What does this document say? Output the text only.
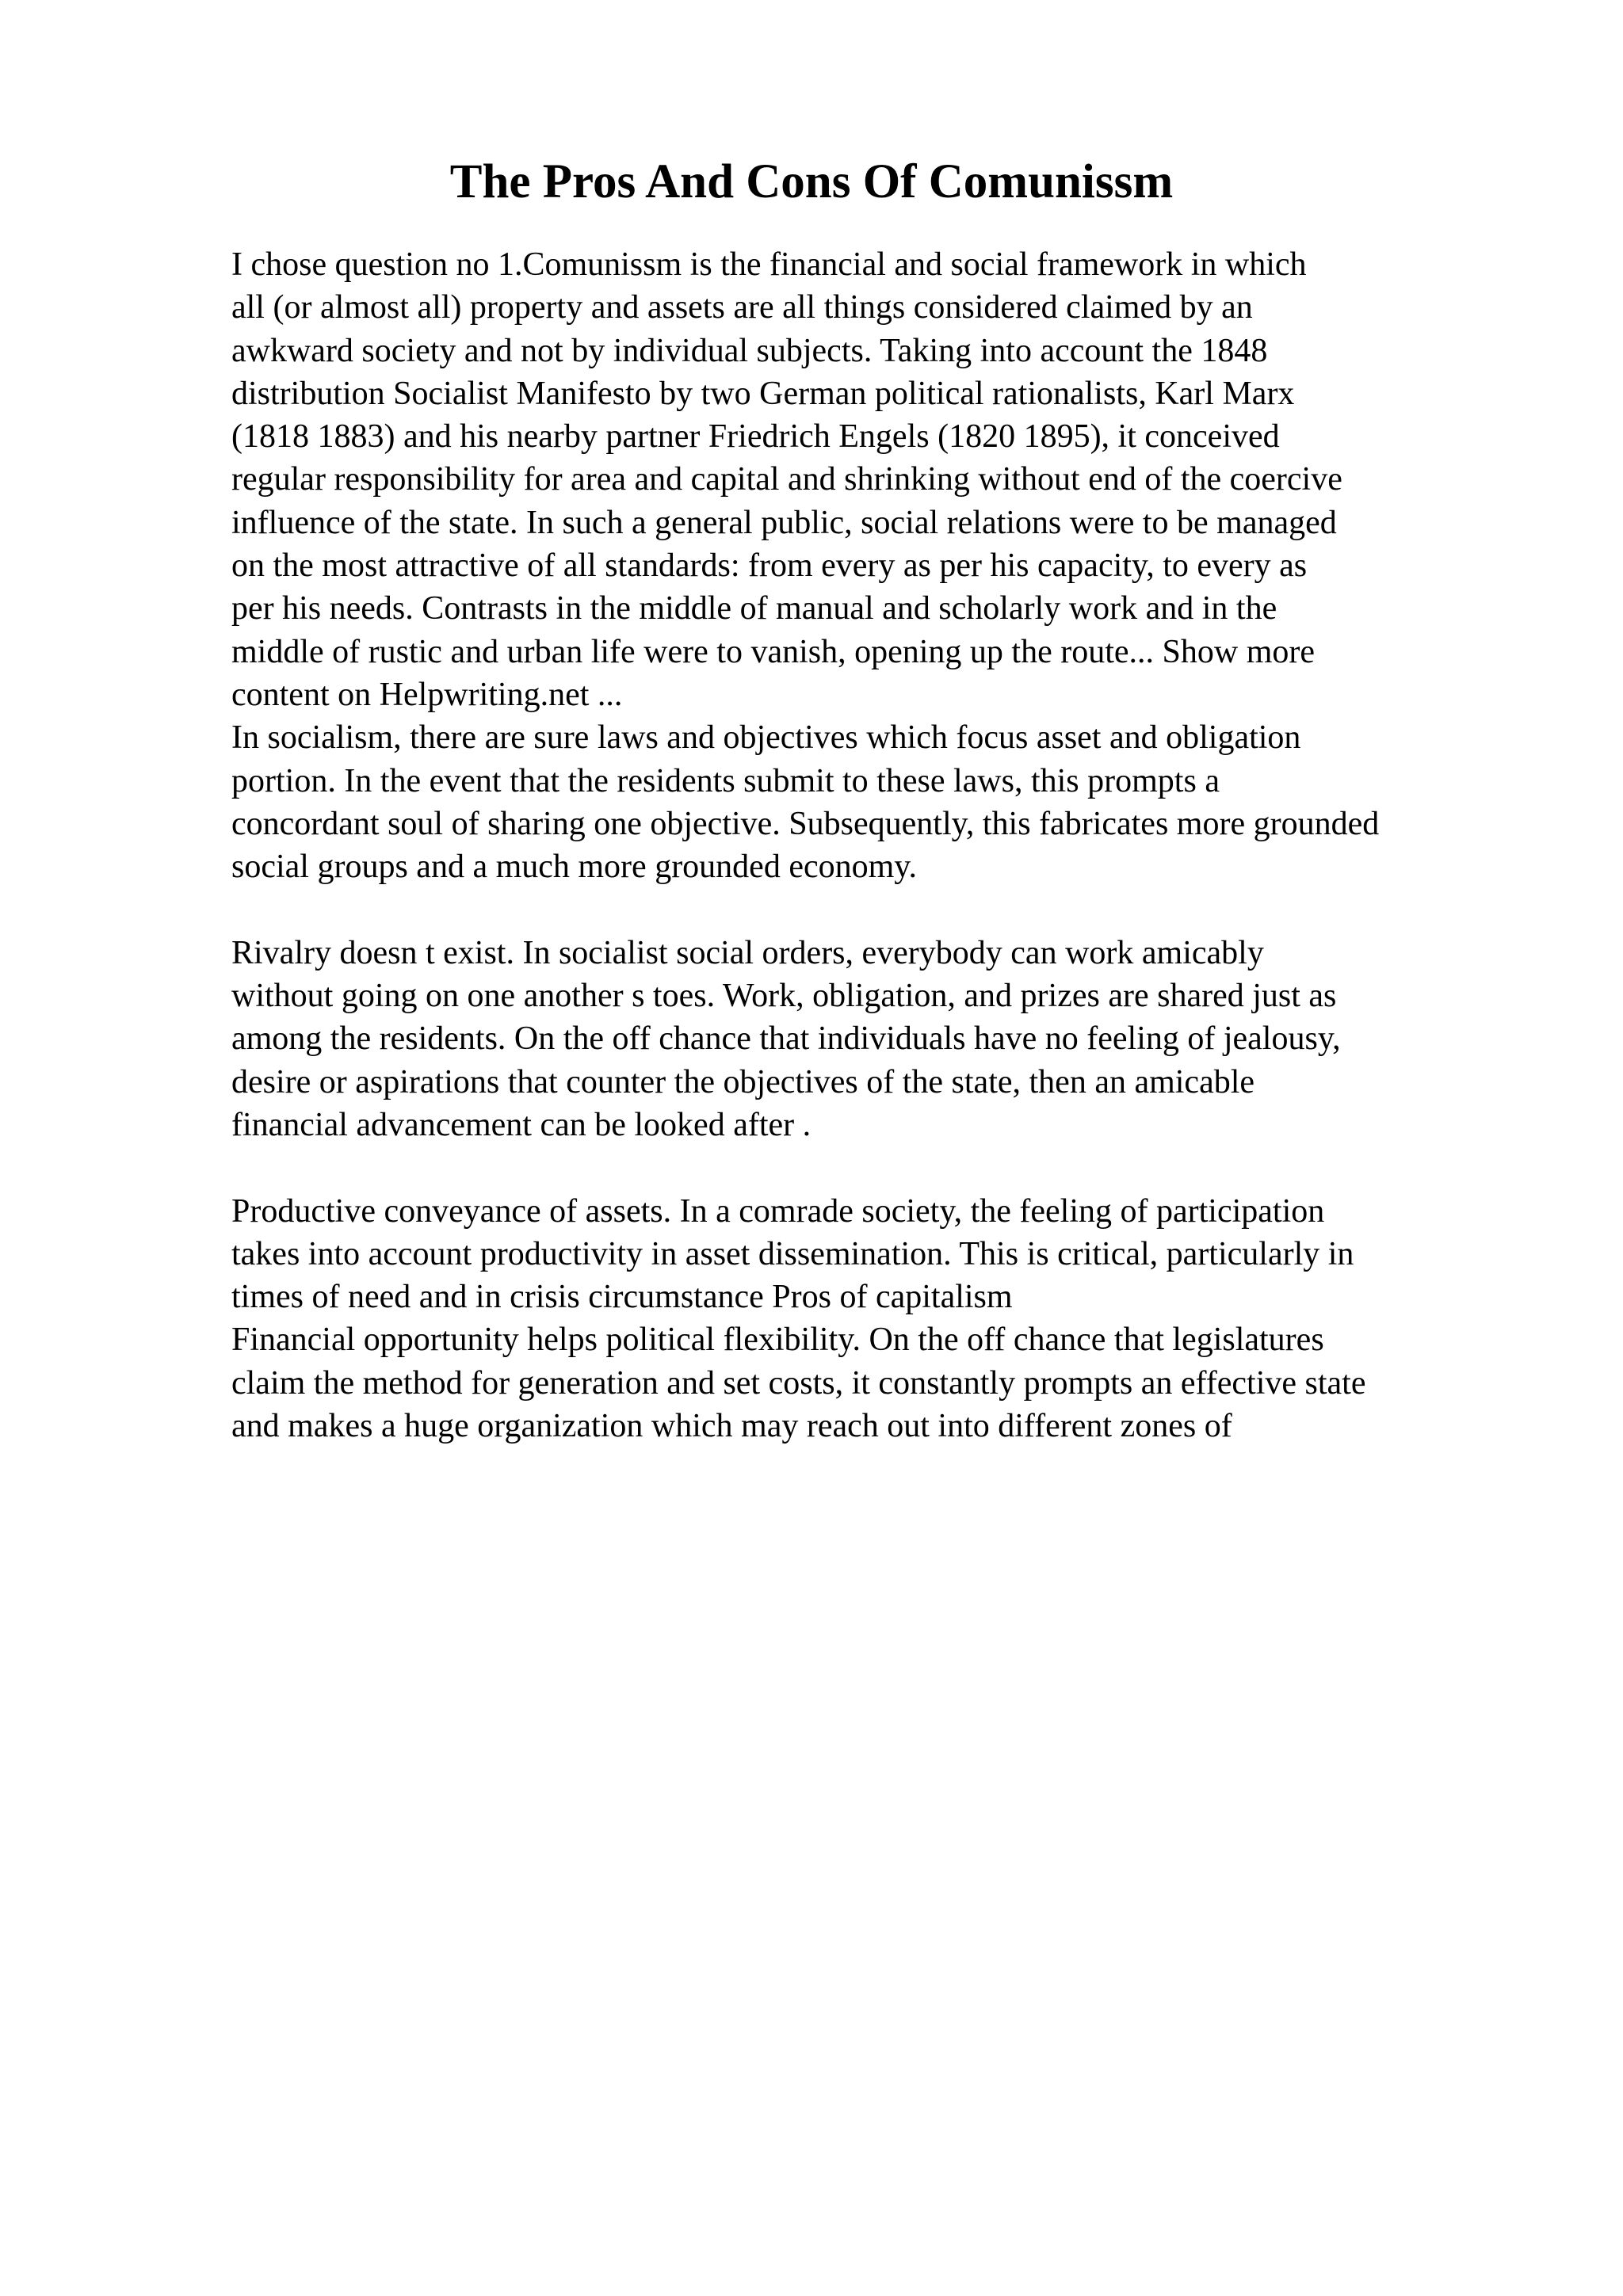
The Pros And Cons Of Comunissm
I chose question no 1.Comunissm is the financial and social framework in which
all (or almost all) property and assets are all things considered claimed by an
awkward society and not by individual subjects. Taking into account the 1848
distribution Socialist Manifesto by two German political rationalists, Karl Marx
(1818 1883) and his nearby partner Friedrich Engels (1820 1895), it conceived
regular responsibility for area and capital and shrinking without end of the coercive
influence of the state. In such a general public, social relations were to be managed
on the most attractive of all standards: from every as per his capacity, to every as
per his needs. Contrasts in the middle of manual and scholarly work and in the
middle of rustic and urban life were to vanish, opening up the route... Show more
content on Helpwriting.net ...
In socialism, there are sure laws and objectives which focus asset and obligation
portion. In the event that the residents submit to these laws, this prompts a
concordant soul of sharing one objective. Subsequently, this fabricates more grounded
social groups and a much more grounded economy.
Rivalry doesn t exist. In socialist social orders, everybody can work amicably
without going on one another s toes. Work, obligation, and prizes are shared just as
among the residents. On the off chance that individuals have no feeling of jealousy,
desire or aspirations that counter the objectives of the state, then an amicable
financial advancement can be looked after .
Productive conveyance of assets. In a comrade society, the feeling of participation
takes into account productivity in asset dissemination. This is critical, particularly in
times of need and in crisis circumstance Pros of capitalism
Financial opportunity helps political flexibility. On the off chance that legislatures
claim the method for generation and set costs, it constantly prompts an effective state
and makes a huge organization which may reach out into different zones of
